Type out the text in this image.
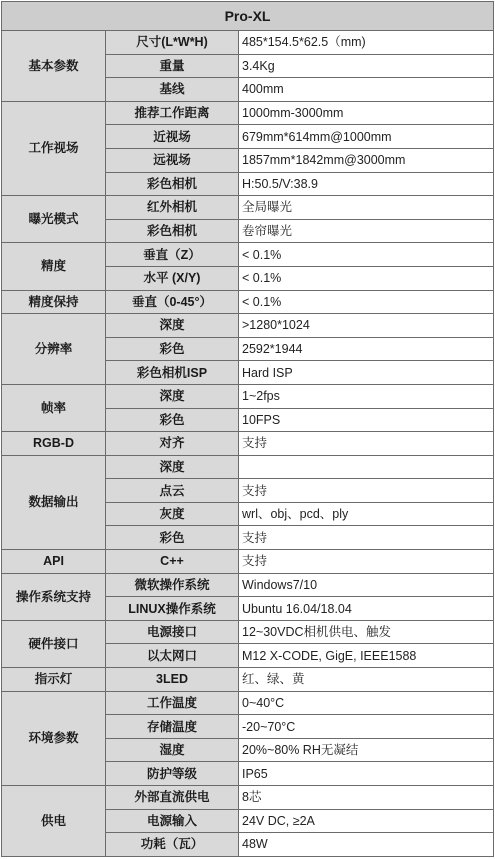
Pro-XL		
基本参数	尺寸(L*W*H)	485*154.5*62.5（mm)
	重量	3.4Kg
	基线	400mm
工作视场	推荐工作距离	1000mm-3000mm
	近视场	679mm*614mm@1000mm
	远视场	1857mm*1842mm@3000mm
	彩色相机	H:50.5/V:38.9
曝光模式	红外相机	全局曝光
	彩色相机	卷帘曝光
精度	垂直（Z）	< 0.1%
	水平 (X/Y)	< 0.1%
精度保持	垂直（0-45°）	< 0.1%
分辨率	深度	>1280*1024
	彩色	2592*1944
	彩色相机ISP	Hard ISP
帧率	深度	1~2fps
	彩色	10FPS
RGB-D	对齐	支持
数据输出	深度	
	点云	支持
	灰度	wrl、obj、pcd、ply
	彩色	支持
API	C++	支持
操作系统支持	微软操作系统	Windows7/10
	LINUX操作系统	Ubuntu 16.04/18.04
硬件接口	电源接口	12~30VDC相机供电、触发
	以太网口	M12 X-CODE, GigE, IEEE1588
指示灯	3LED	红、绿、黄
环境参数	工作温度	0~40°C
	存储温度	-20~70°C
	湿度	20%~80% RH无凝结
	防护等级	IP65
供电	外部直流供电	8芯
	电源输入	24V DC, ≥2A
	功耗（瓦）	48W
